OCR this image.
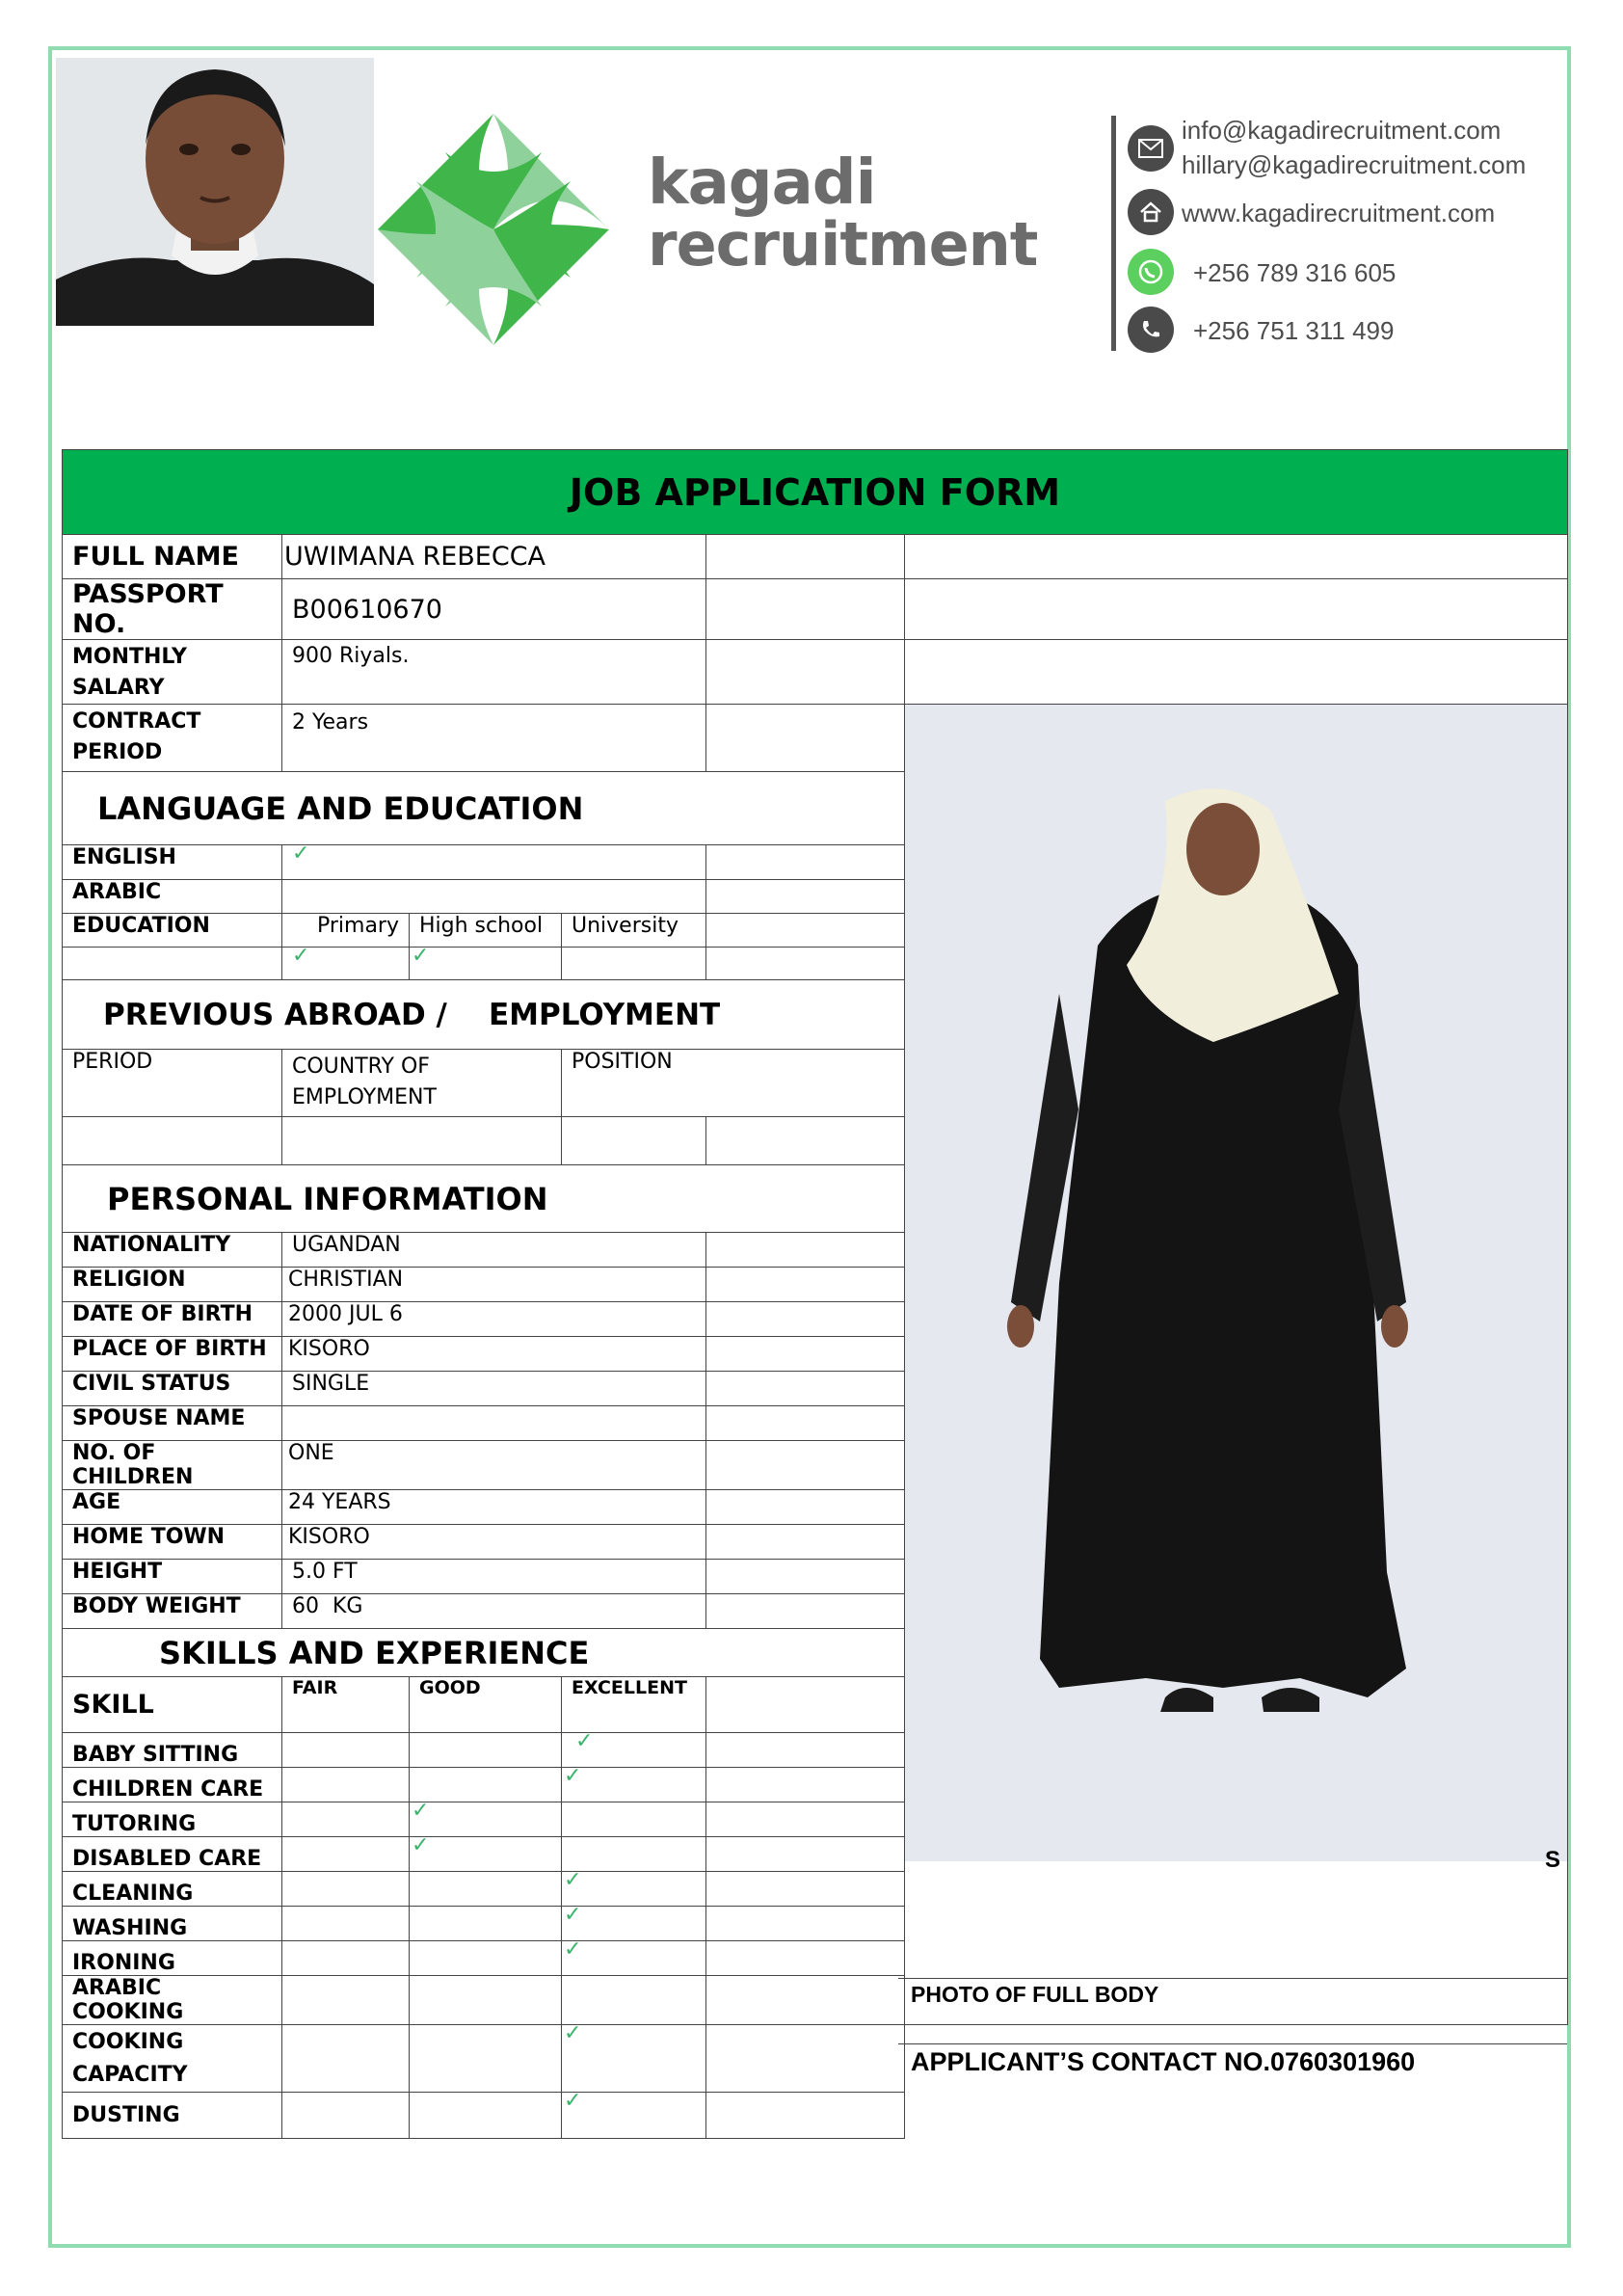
kagadi
recruitment
info@kagadirecruitment.com
hillary@kagadirecruitment.com
www.kagadirecruitment.com
+256 789 316 605
+256 751 311 499
JOB APPLICATION FORM					
FULL NAME	UWIMANA REBECCA				
PASSPORT NO.	B00610670				
MONTHLY SALARY	900 Riyals.				
CONTRACT PERIOD	2 Years		

LANGUAGE AND EDUCATION					
ENGLISH	✓				
ARABIC					
EDUCATION	Primary	High school	University		
	✓	✓			
PREVIOUS ABROAD /    EMPLOYMENT					
PERIOD	COUNTRY OF EMPLOYMENT		POSITION		

PERSONAL INFORMATION					
NATIONALITY	UGANDAN				
RELIGION	CHRISTIAN				
DATE OF BIRTH	2000 JUL 6				
PLACE OF BIRTH	KISORO				
CIVIL STATUS	SINGLE				
SPOUSE NAME					
NO. OF CHILDREN	ONE				
AGE	24 YEARS				
HOME TOWN	KISORO				
HEIGHT	5.0 FT				
BODY WEIGHT	60  KG				
SKILLS AND EXPERIENCE					
SKILL	FAIR	GOOD	EXCELLENT		
BABY SITTING			✓		
CHILDREN CARE			✓		
TUTORING		✓			
DISABLED CARE		✓			
CLEANING			✓		
WASHING			✓		
IRONING			✓		
ARABIC COOKING					
COOKING CAPACITY			✓		
DUSTING			✓		
S
PHOTO OF FULL BODY
APPLICANT’S CONTACT NO.0760301960
